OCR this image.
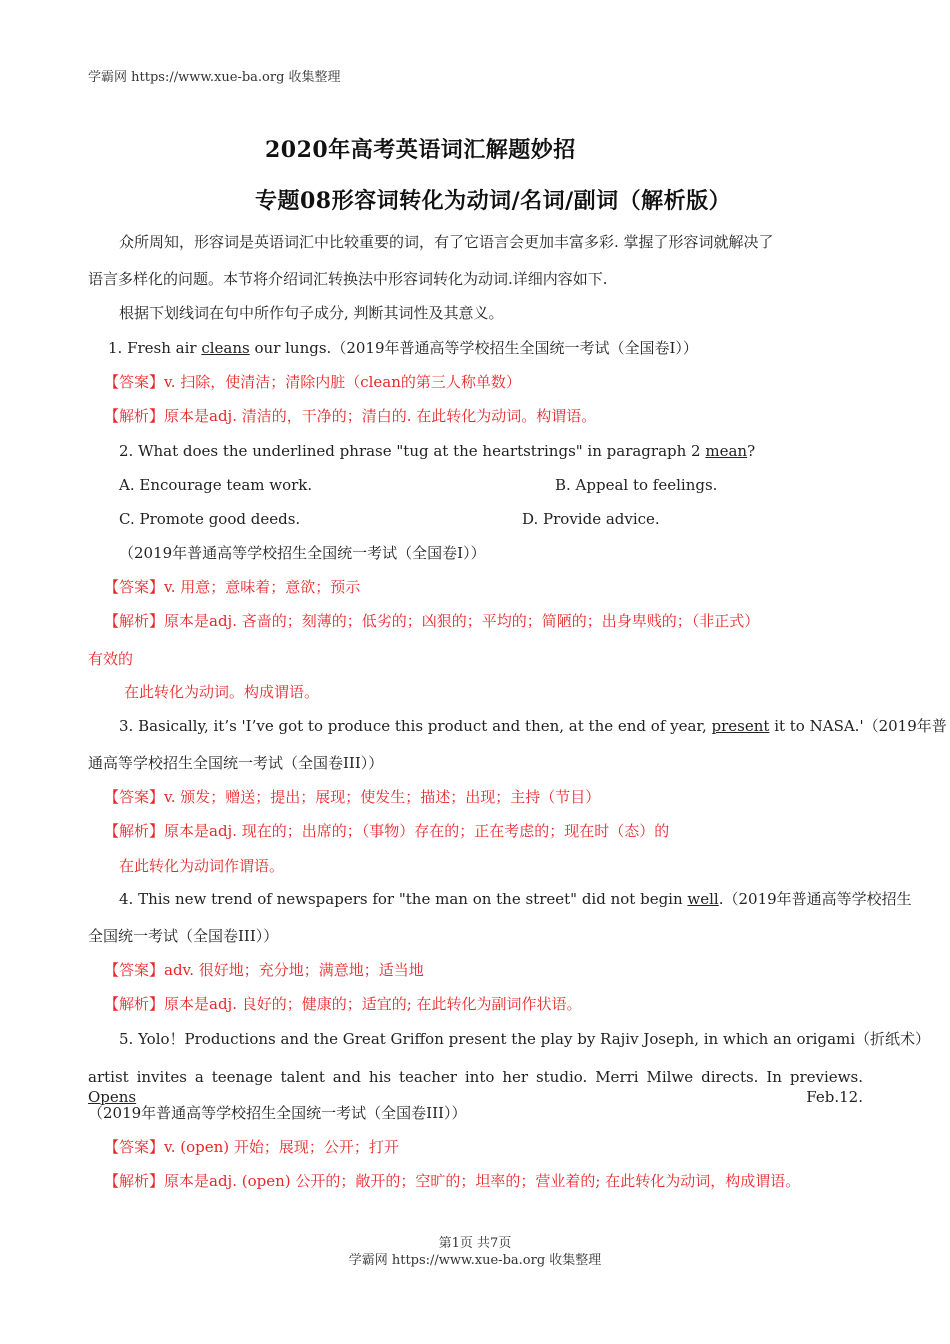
学霸网 https://www.xue-ba.org 收集整理
2020年高考英语词汇解题妙招
专题08形容词转化为动词/名词/副词（解析版）
众所周知，形容词是英语词汇中比较重要的词，有了它语言会更加丰富多彩. 掌握了形容词就解决了
语言多样化的问题。本节将介绍词汇转换法中形容词转化为动词.详细内容如下.
根据下划线词在句中所作句子成分, 判断其词性及其意义。
1. Fresh air cleans our lungs.（2019年普通高等学校招生全国统一考试（全国卷I））
【答案】v. 扫除，使清洁；清除内脏（clean的第三人称单数）
【解析】原本是adj. 清洁的，干净的；清白的. 在此转化为动词。构谓语。
2. What does the underlined phrase "tug at the heartstrings" in paragraph 2 mean?
A. Encourage team work.	B. Appeal to feelings.
C. Promote good deeds.	D. Provide advice.
（2019年普通高等学校招生全国统一考试（全国卷I））
【答案】v. 用意；意味着；意欲；预示
【解析】原本是adj. 吝啬的；刻薄的；低劣的；凶狠的；平均的；简陋的；出身卑贱的；（非正式）
有效的
在此转化为动词。构成谓语。
3. Basically, it’s 'I’ve got to produce this product and then, at the end of year, present it to NASA.'（2019年普
通高等学校招生全国统一考试（全国卷III））
【答案】v. 颁发；赠送；提出；展现；使发生；描述；出现；主持（节目）
【解析】原本是adj. 现在的；出席的；（事物）存在的；正在考虑的；现在时（态）的
在此转化为动词作谓语。
4. This new trend of newspapers for "the man on the street" did not begin well.（2019年普通高等学校招生
全国统一考试（全国卷III））
【答案】adv. 很好地；充分地；满意地；适当地
【解析】原本是adj. 良好的；健康的；适宜的; 在此转化为副词作状语。
5. Yolo！Productions and the Great Griffon present the play by Rajiv Joseph, in which an origami（折纸术）
artist invites a teenage talent and his teacher into her studio. Merri Milwe directs. In previews. Opens Feb.12.
（2019年普通高等学校招生全国统一考试（全国卷III））
【答案】v. (open) 开始；展现；公开；打开
【解析】原本是adj. (open) 公开的；敞开的；空旷的；坦率的；营业着的; 在此转化为动词，构成谓语。
第1页 共7页
学霸网 https://www.xue-ba.org 收集整理
